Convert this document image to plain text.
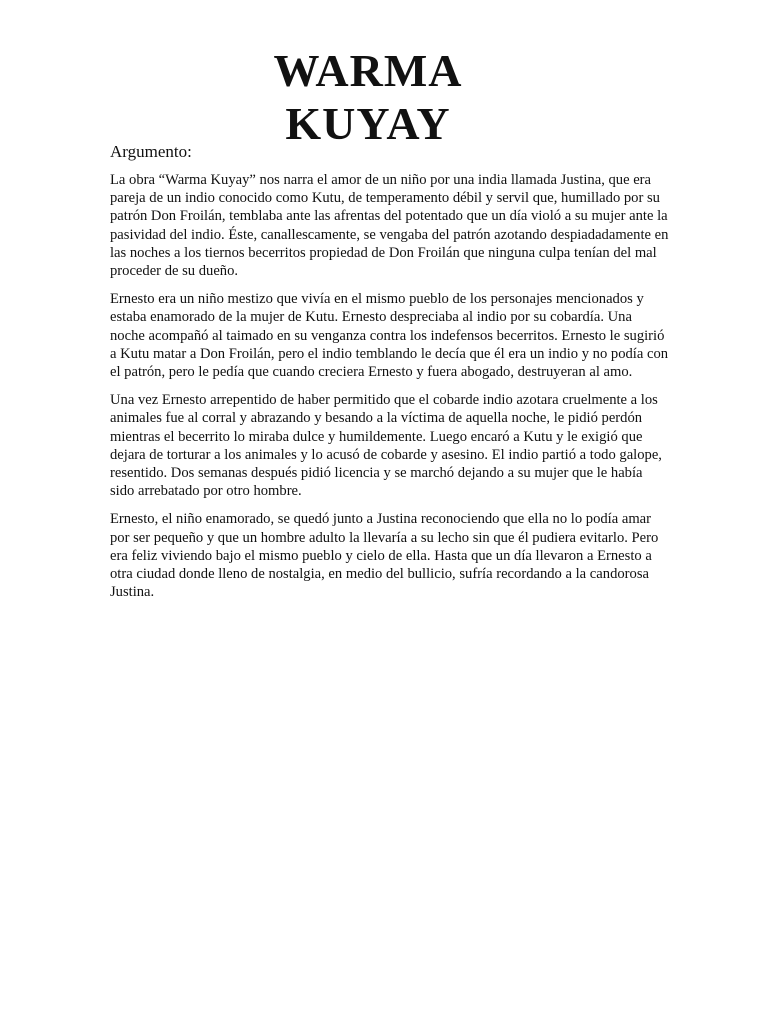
WARMA
KUYAY
Argumento:

La obra “Warma Kuyay” nos narra el amor de un niño por una india llamada Justina, que era pareja de un indio conocido como Kutu, de temperamento débil y servil que, humillado por su patrón Don Froilán, temblaba ante las afrentas del potentado que un día violó a su mujer ante la pasividad del indio. Éste, canallescamente, se vengaba del patrón azotando despiadadamente en las noches a los tiernos becerritos propiedad de Don Froilán que ninguna culpa tenían del mal proceder de su dueño.

Ernesto era un niño mestizo que vivía en el mismo pueblo de los personajes mencionados y estaba enamorado de la mujer de Kutu. Ernesto despreciaba al indio por su cobardía. Una noche acompañó al taimado en su venganza contra los indefensos becerritos. Ernesto le sugirió a Kutu matar a Don Froilán, pero el indio temblando le decía que él era un indio y no podía con el patrón, pero le pedía que cuando creciera Ernesto y fuera abogado, destruyeran al amo.

Una vez Ernesto arrepentido de haber permitido que el cobarde indio azotara cruelmente a los animales fue al corral y abrazando y besando a la víctima de aquella noche, le pidió perdón mientras el becerrito lo miraba dulce y humildemente. Luego encaró a Kutu y le exigió que dejara de torturar a los animales y lo acusó de cobarde y asesino. El indio partió a todo galope, resentido. Dos semanas después pidió licencia y se marchó dejando a su mujer que le había sido arrebatado por otro hombre.

Ernesto, el niño enamorado, se quedó junto a Justina reconociendo que ella no lo podía amar por ser pequeño y que un hombre adulto la llevaría a su lecho sin que él pudiera evitarlo. Pero era feliz viviendo bajo el mismo pueblo y cielo de ella. Hasta que un día llevaron a Ernesto a otra ciudad donde lleno de nostalgia, en medio del bullicio, sufría recordando a la candorosa Justina.
